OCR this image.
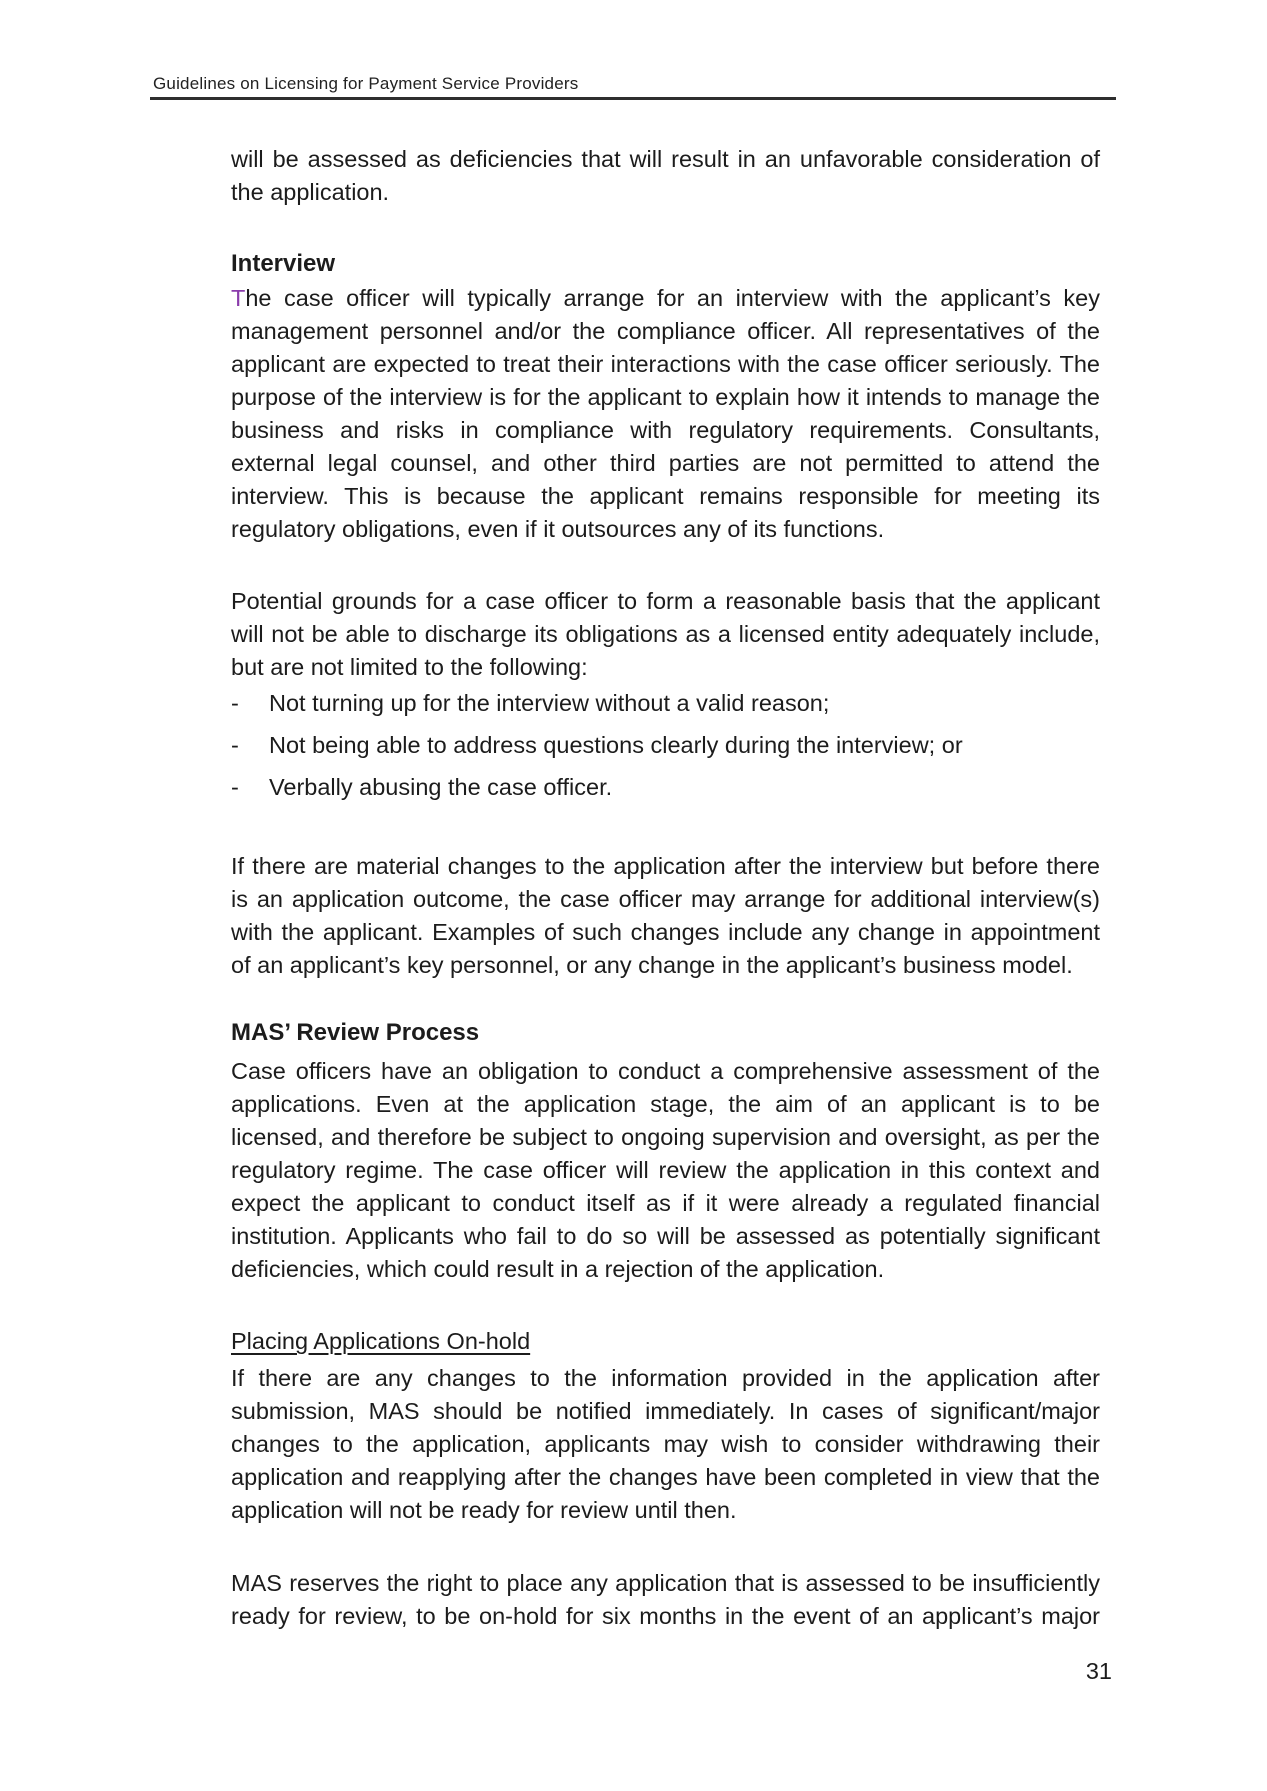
Guidelines on Licensing for Payment Service Providers

will be assessed as deficiencies that will result in an unfavorable consideration of the application.

Interview

The case officer will typically arrange for an interview with the applicant’s key management personnel and/or the compliance officer. All representatives of the applicant are expected to treat their interactions with the case officer seriously. The purpose of the interview is for the applicant to explain how it intends to manage the business and risks in compliance with regulatory requirements. Consultants, external legal counsel, and other third parties are not permitted to attend the interview. This is because the applicant remains responsible for meeting its regulatory obligations, even if it outsources any of its functions.

Potential grounds for a case officer to form a reasonable basis that the applicant will not be able to discharge its obligations as a licensed entity adequately include, but are not limited to the following:

-	Not turning up for the interview without a valid reason;
-	Not being able to address questions clearly during the interview; or
-	Verbally abusing the case officer.

If there are material changes to the application after the interview but before there is an application outcome, the case officer may arrange for additional interview(s) with the applicant. Examples of such changes include any change in appointment of an applicant’s key personnel, or any change in the applicant’s business model.

MAS’ Review Process

Case officers have an obligation to conduct a comprehensive assessment of the applications. Even at the application stage, the aim of an applicant is to be licensed, and therefore be subject to ongoing supervision and oversight, as per the regulatory regime. The case officer will review the application in this context and expect the applicant to conduct itself as if it were already a regulated financial institution. Applicants who fail to do so will be assessed as potentially significant deficiencies, which could result in a rejection of the application.

Placing Applications On-hold

If there are any changes to the information provided in the application after submission, MAS should be notified immediately. In cases of significant/major changes to the application, applicants may wish to consider withdrawing their application and reapplying after the changes have been completed in view that the application will not be ready for review until then.

MAS reserves the right to place any application that is assessed to be insufficiently ready for review, to be on-hold for six months in the event of an applicant’s major

31
